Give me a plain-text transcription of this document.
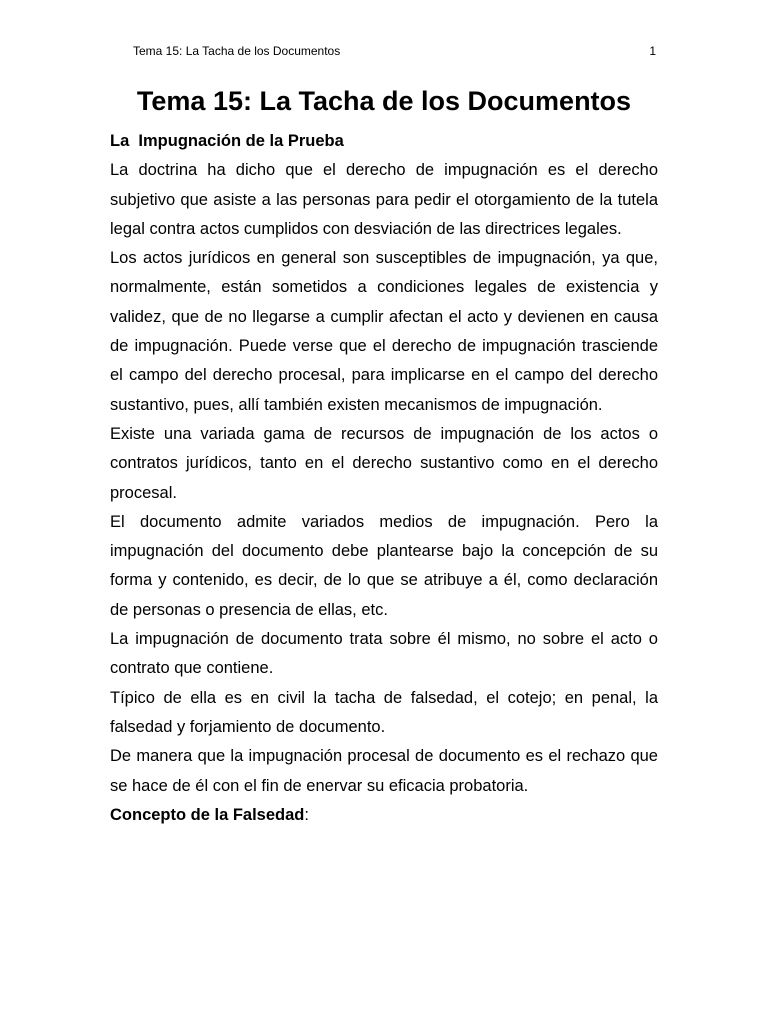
Tema 15: La Tacha de los Documentos	1
Tema 15: La Tacha de los Documentos

La  Impugnación de la Prueba

La doctrina ha dicho que el derecho de impugnación es el derecho subjetivo que asiste a las personas para pedir el otorgamiento de la tutela legal contra actos cumplidos con desviación de las directrices legales.

Los actos jurídicos en general son susceptibles de impugnación, ya que, normalmente, están sometidos a condiciones legales de existencia y validez, que de no llegarse a cumplir afectan el acto y devienen en causa de impugnación. Puede verse que el derecho de impugnación trasciende el campo del derecho procesal, para implicarse en el campo del derecho sustantivo, pues, allí también existen mecanismos de impugnación.

Existe una variada gama de recursos de impugnación de los actos o contratos jurídicos, tanto en el derecho sustantivo como en el derecho procesal.

El documento admite variados medios de impugnación. Pero la impugnación del documento debe plantearse bajo la concepción de su forma y contenido, es decir, de lo que se atribuye a él, como declaración de personas o presencia de ellas, etc.

La impugnación de documento trata sobre él mismo, no sobre el acto o contrato que contiene.

Típico de ella es en civil la tacha de falsedad, el cotejo; en penal, la falsedad y forjamiento de documento.

De manera que la impugnación procesal de documento es el rechazo que se hace de él con el fin de enervar su eficacia probatoria.

Concepto de la Falsedad:
